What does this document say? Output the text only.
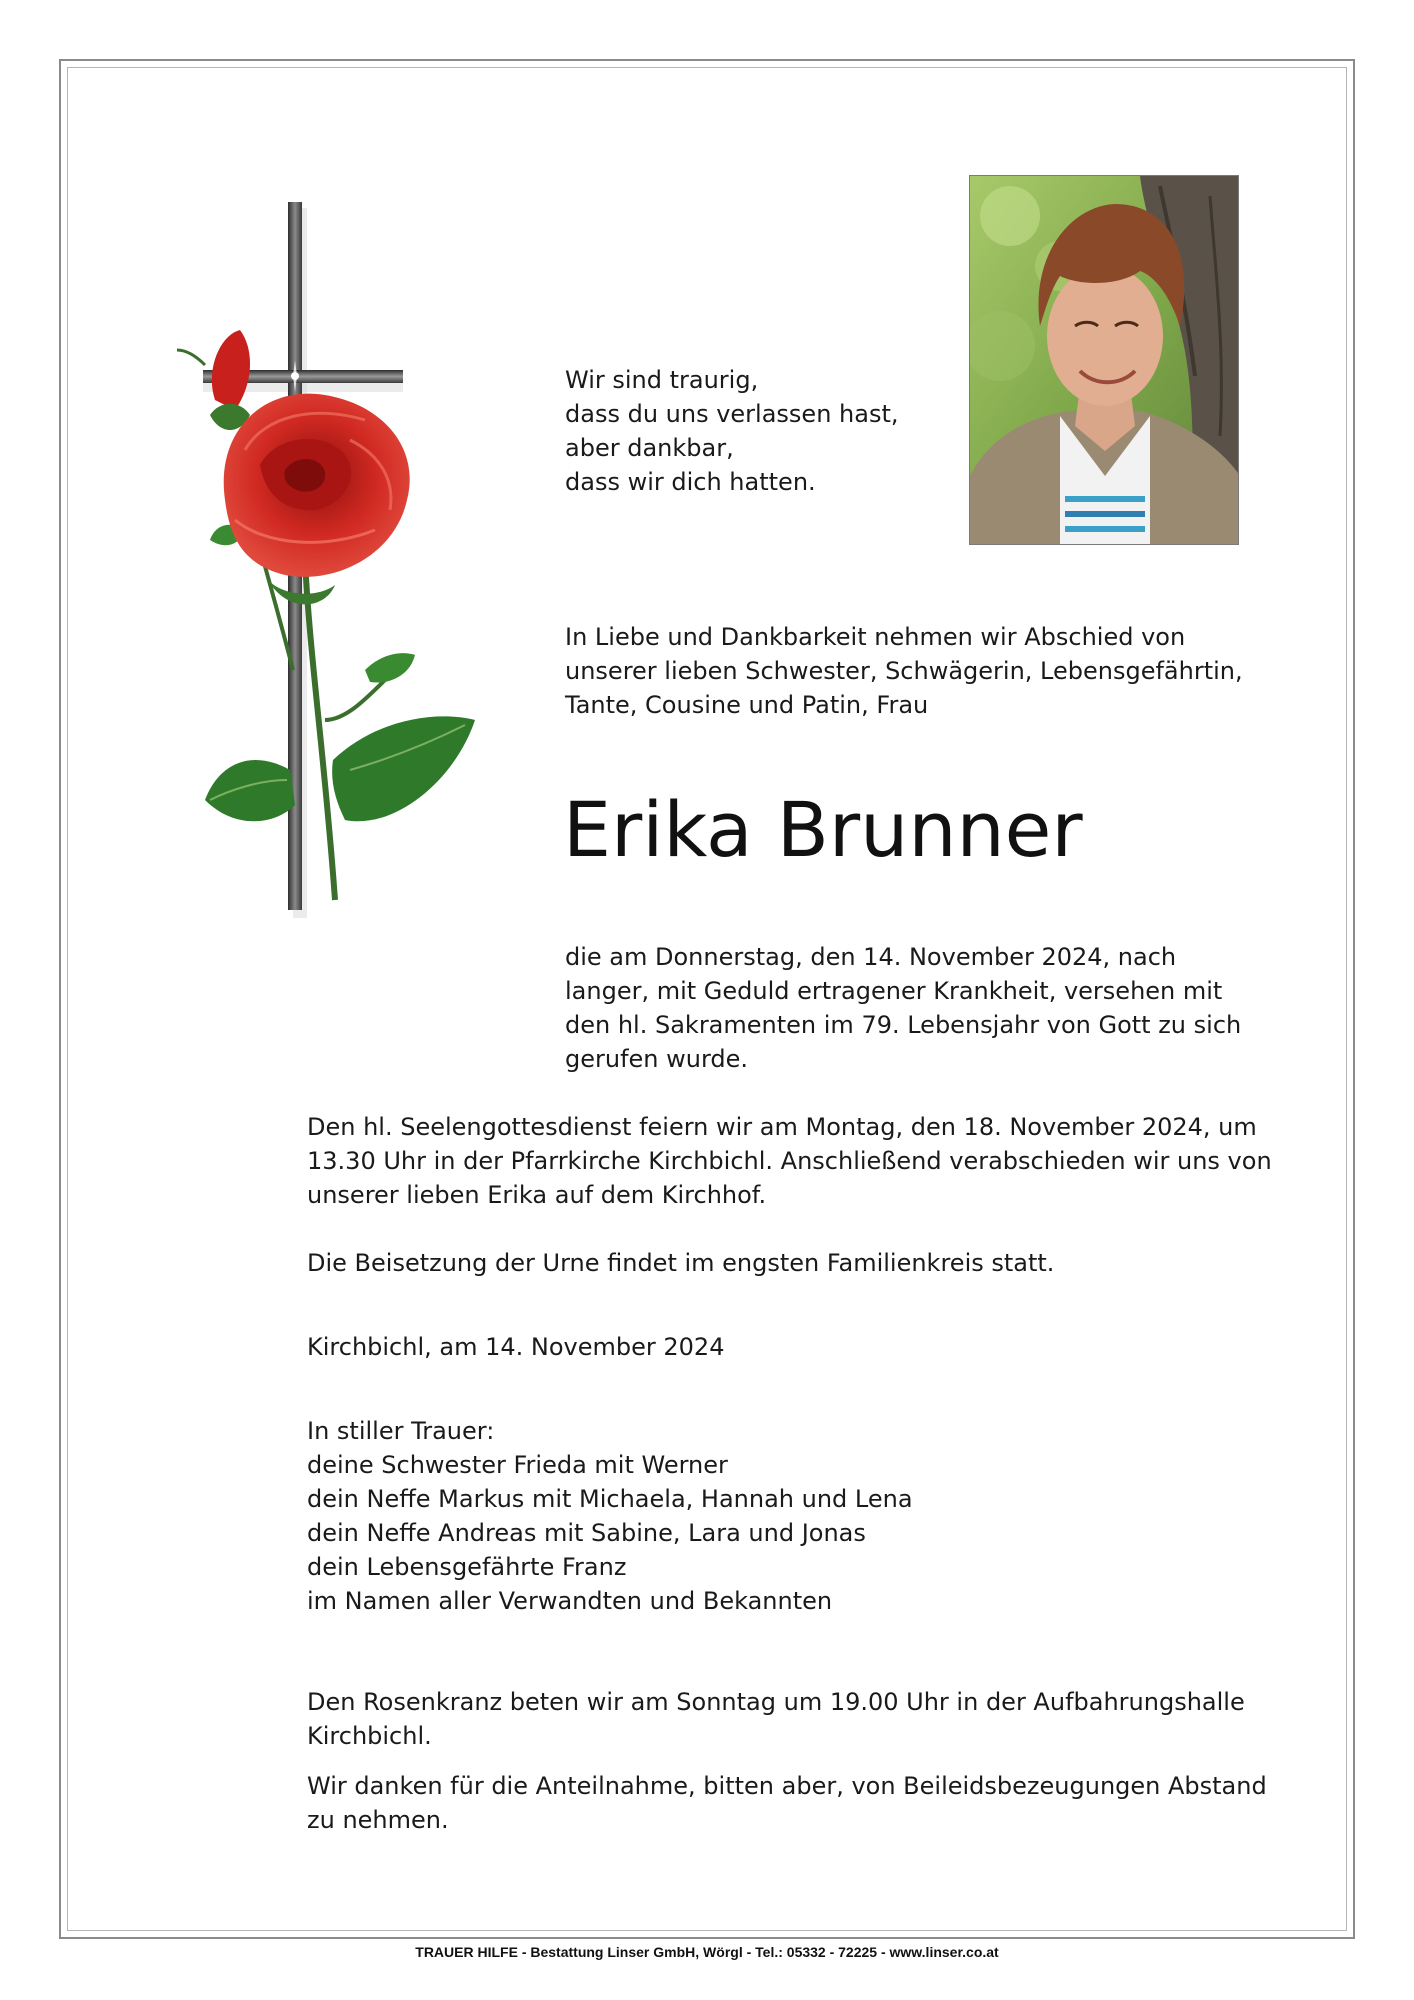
Wir sind traurig,
dass du uns verlassen hast,
aber dankbar,
dass wir dich hatten.
In Liebe und Dankbarkeit nehmen wir Abschied von
unserer lieben Schwester, Schwägerin, Lebensgefährtin,
Tante, Cousine und Patin, Frau
Erika Brunner
die am Donnerstag, den 14. November 2024, nach
langer, mit Geduld ertragener Krankheit, versehen mit
den hl. Sakramenten im 79. Lebensjahr von Gott zu sich
gerufen wurde.
Den hl. Seelengottesdienst feiern wir am Montag, den 18. November 2024, um
13.30 Uhr in der Pfarrkirche Kirchbichl. Anschließend verabschieden wir uns von
unserer lieben Erika auf dem Kirchhof.
Die Beisetzung der Urne findet im engsten Familienkreis statt.
Kirchbichl, am 14. November 2024
In stiller Trauer:
deine Schwester Frieda mit Werner
dein Neffe Markus mit Michaela, Hannah und Lena
dein Neffe Andreas mit Sabine, Lara und Jonas
dein Lebensgefährte Franz
im Namen aller Verwandten und Bekannten
Den Rosenkranz beten wir am Sonntag um 19.00 Uhr in der Aufbahrungshalle
Kirchbichl.
Wir danken für die Anteilnahme, bitten aber, von Beileidsbezeugungen Abstand
zu nehmen.
TRAUER HILFE - Bestattung Linser GmbH, Wörgl - Tel.: 05332 - 72225 - www.linser.co.at
